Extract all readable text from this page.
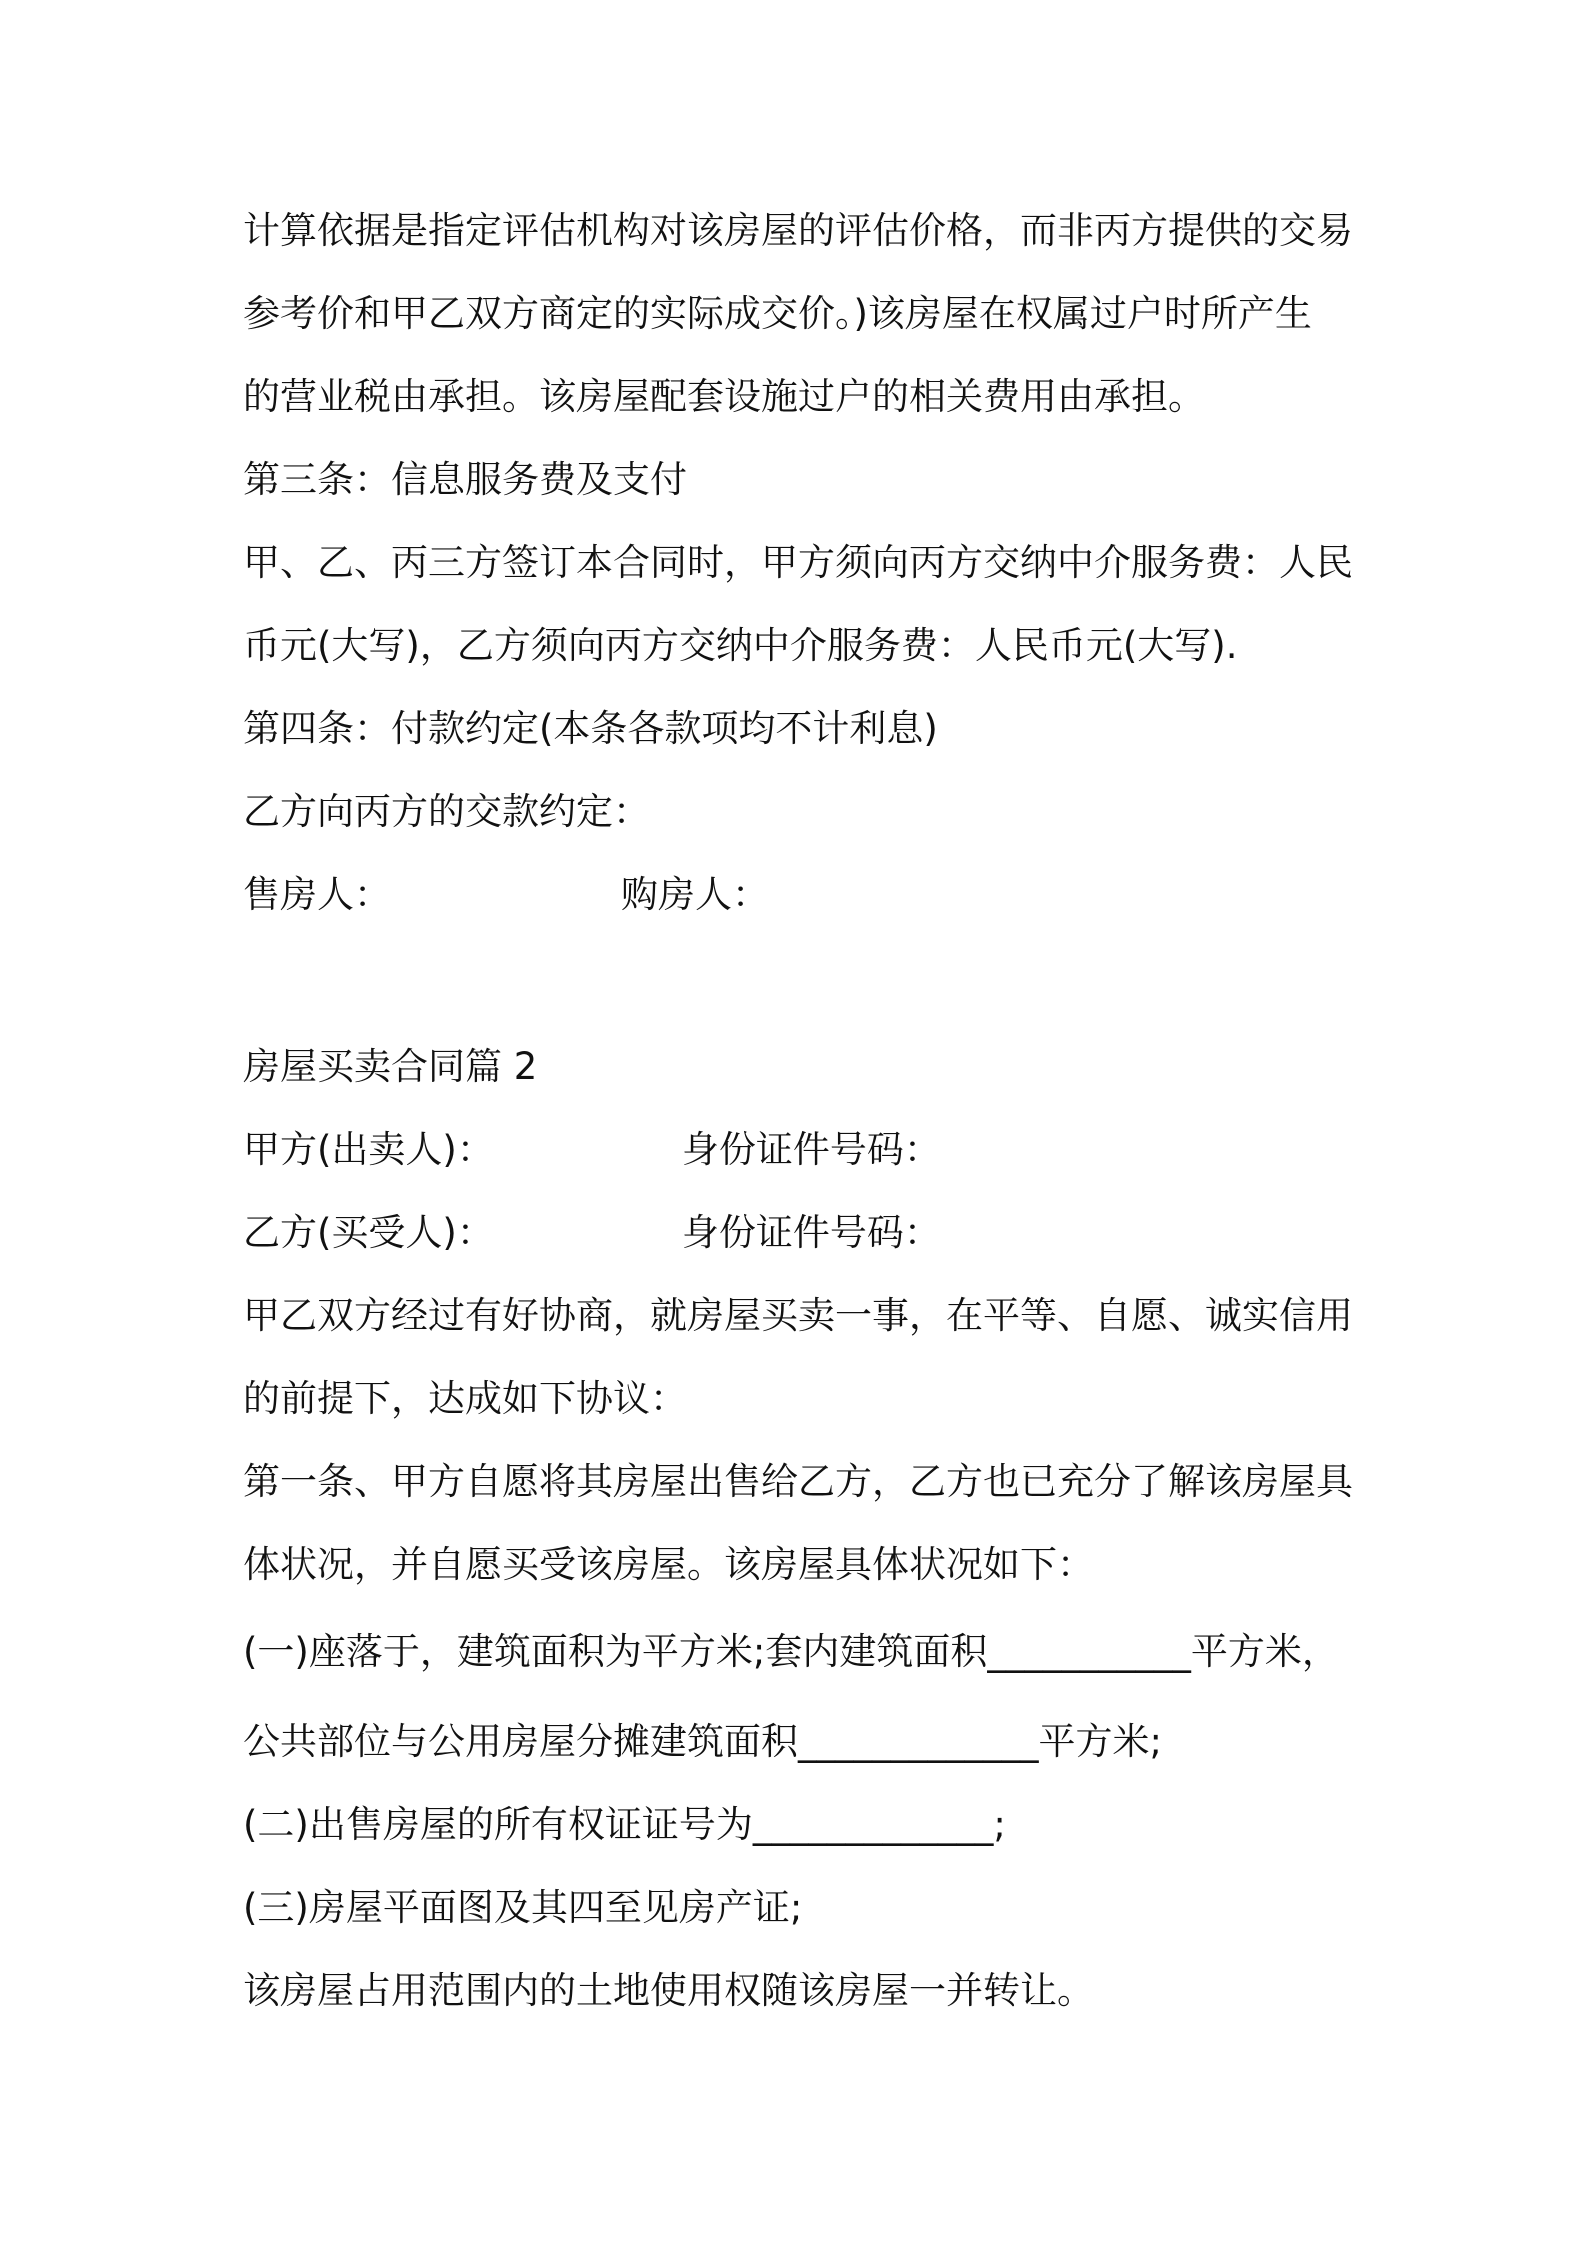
计算依据是指定评估机构对该房屋的评估价格，而非丙方提供的交易
参考价和甲乙双方商定的实际成交价。)该房屋在权属过户时所产生
的营业税由承担。该房屋配套设施过户的相关费用由承担。
第三条：信息服务费及支付
甲、乙、丙三方签订本合同时，甲方须向丙方交纳中介服务费：人民
币元(大写)，乙方须向丙方交纳中介服务费：人民币元(大写).
第四条：付款约定(本条各款项均不计利息)
乙方向丙方的交款约定：
售房人：	购房人：
房屋买卖合同篇 2
甲方(出卖人)：	身份证件号码：
乙方(买受人)：	身份证件号码：
甲乙双方经过有好协商，就房屋买卖一事，在平等、自愿、诚实信用
的前提下，达成如下协议：
第一条、甲方自愿将其房屋出售给乙方，乙方也已充分了解该房屋具
体状况，并自愿买受该房屋。该房屋具体状况如下：
(一)座落于，建筑面积为平方米;套内建筑面积___________平方米，
公共部位与公用房屋分摊建筑面积_____________平方米;
(二)出售房屋的所有权证证号为_____________;
(三)房屋平面图及其四至见房产证;
该房屋占用范围内的土地使用权随该房屋一并转让。
